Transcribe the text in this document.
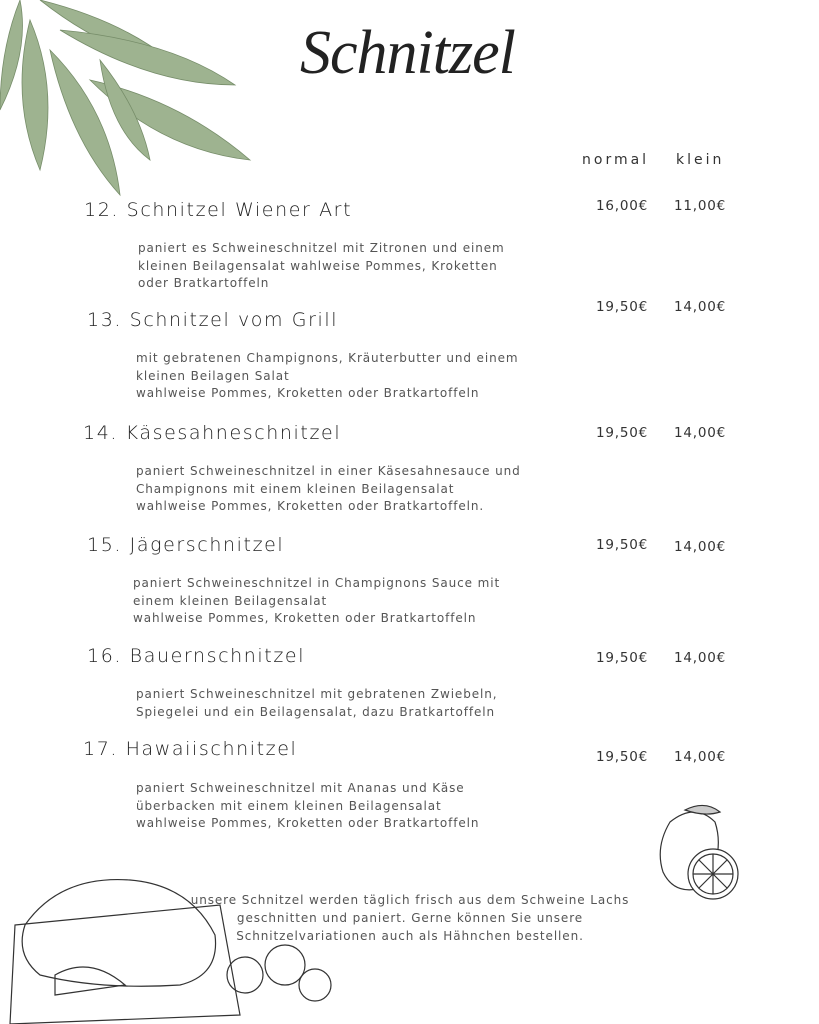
Schnitzel
normal klein
12. Schnitzel Wiener Art
paniert es Schweineschnitzel mit Zitronen und einem
kleinen Beilagensalat wahlweise Pommes, Kroketten
oder Bratkartoffeln
16,00€	11,00€
13. Schnitzel vom Grill
mit gebratenen Champignons, Kräuterbutter und einem
kleinen Beilagen Salat
wahlweise Pommes, Kroketten oder Bratkartoffeln
19,50€	14,00€
14. Käsesahneschnitzel
paniert Schweineschnitzel in einer Käsesahnesauce und
Champignons mit einem kleinen Beilagensalat
wahlweise Pommes, Kroketten oder Bratkartoffeln.
19,50€	14,00€
15. Jägerschnitzel
paniert Schweineschnitzel in Champignons Sauce mit
einem kleinen Beilagensalat
wahlweise Pommes, Kroketten oder Bratkartoffeln
19,50€	14,00€
16. Bauernschnitzel
paniert Schweineschnitzel mit gebratenen Zwiebeln,
Spiegelei und ein Beilagensalat, dazu Bratkartoffeln
19,50€	14,00€
17. Hawaiischnitzel
paniert Schweineschnitzel mit Ananas und Käse
überbacken mit einem kleinen Beilagensalat
wahlweise Pommes, Kroketten oder Bratkartoffeln
19,50€	14,00€
unsere Schnitzel werden täglich frisch aus dem Schweine Lachs geschnitten und paniert. Gerne können Sie unsere Schnitzelvariationen auch als Hähnchen bestellen.
